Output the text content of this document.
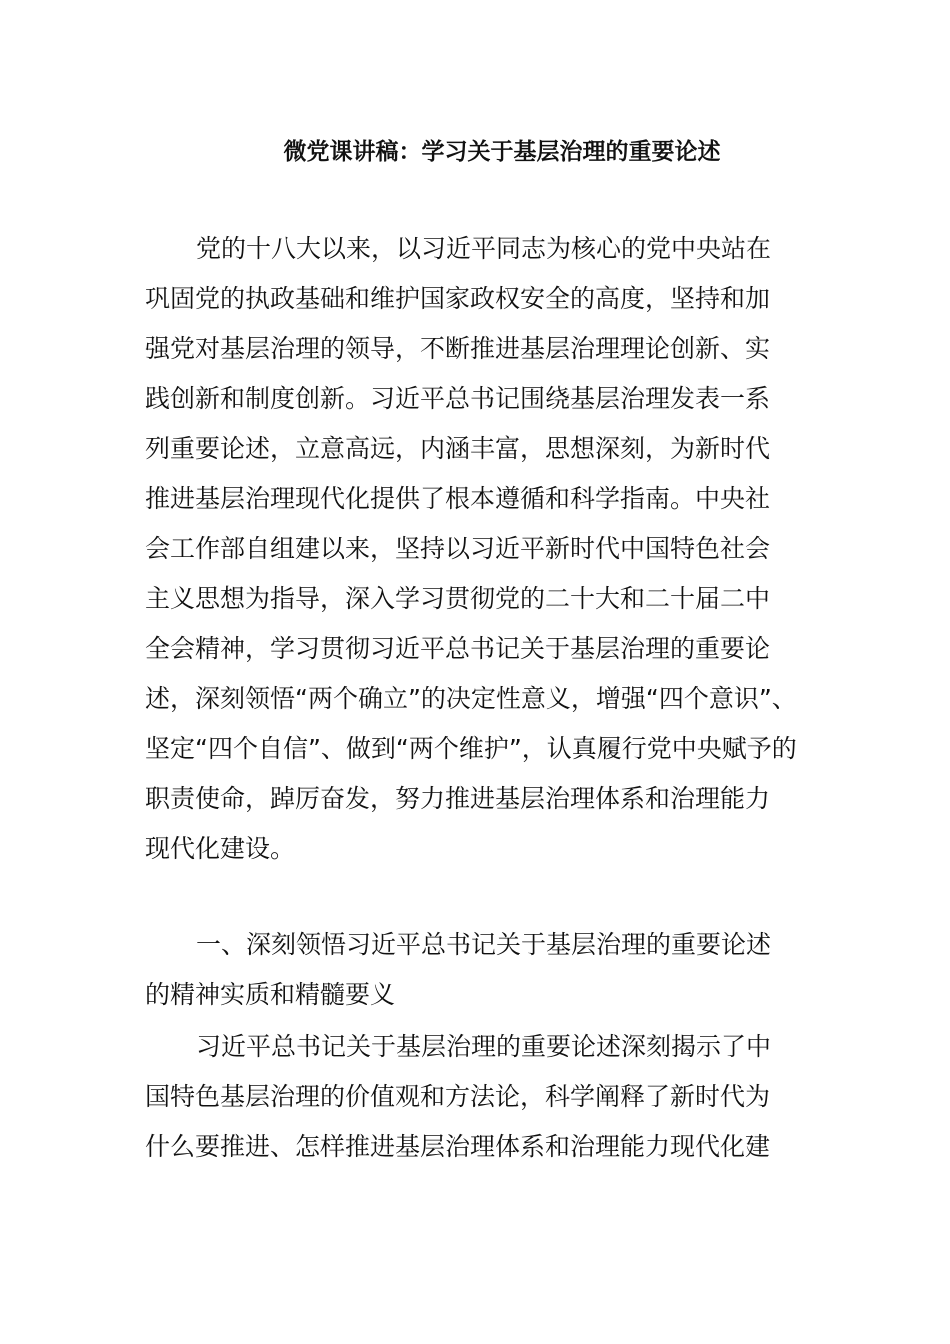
微党课讲稿：学习关于基层治理的重要论述
党的十八大以来，以习近平同志为核心的党中央站在
巩固党的执政基础和维护国家政权安全的高度，坚持和加
强党对基层治理的领导，不断推进基层治理理论创新、实
践创新和制度创新。习近平总书记围绕基层治理发表一系
列重要论述，立意高远，内涵丰富，思想深刻，为新时代
推进基层治理现代化提供了根本遵循和科学指南。中央社
会工作部自组建以来，坚持以习近平新时代中国特色社会
主义思想为指导，深入学习贯彻党的二十大和二十届二中
全会精神，学习贯彻习近平总书记关于基层治理的重要论
述，深刻领悟“两个确立”的决定性意义，增强“四个意识”、
坚定“四个自信”、做到“两个维护”，认真履行党中央赋予的
职责使命，踔厉奋发，努力推进基层治理体系和治理能力
现代化建设。
一、深刻领悟习近平总书记关于基层治理的重要论述
的精神实质和精髓要义
习近平总书记关于基层治理的重要论述深刻揭示了中
国特色基层治理的价值观和方法论，科学阐释了新时代为
什么要推进、怎样推进基层治理体系和治理能力现代化建
